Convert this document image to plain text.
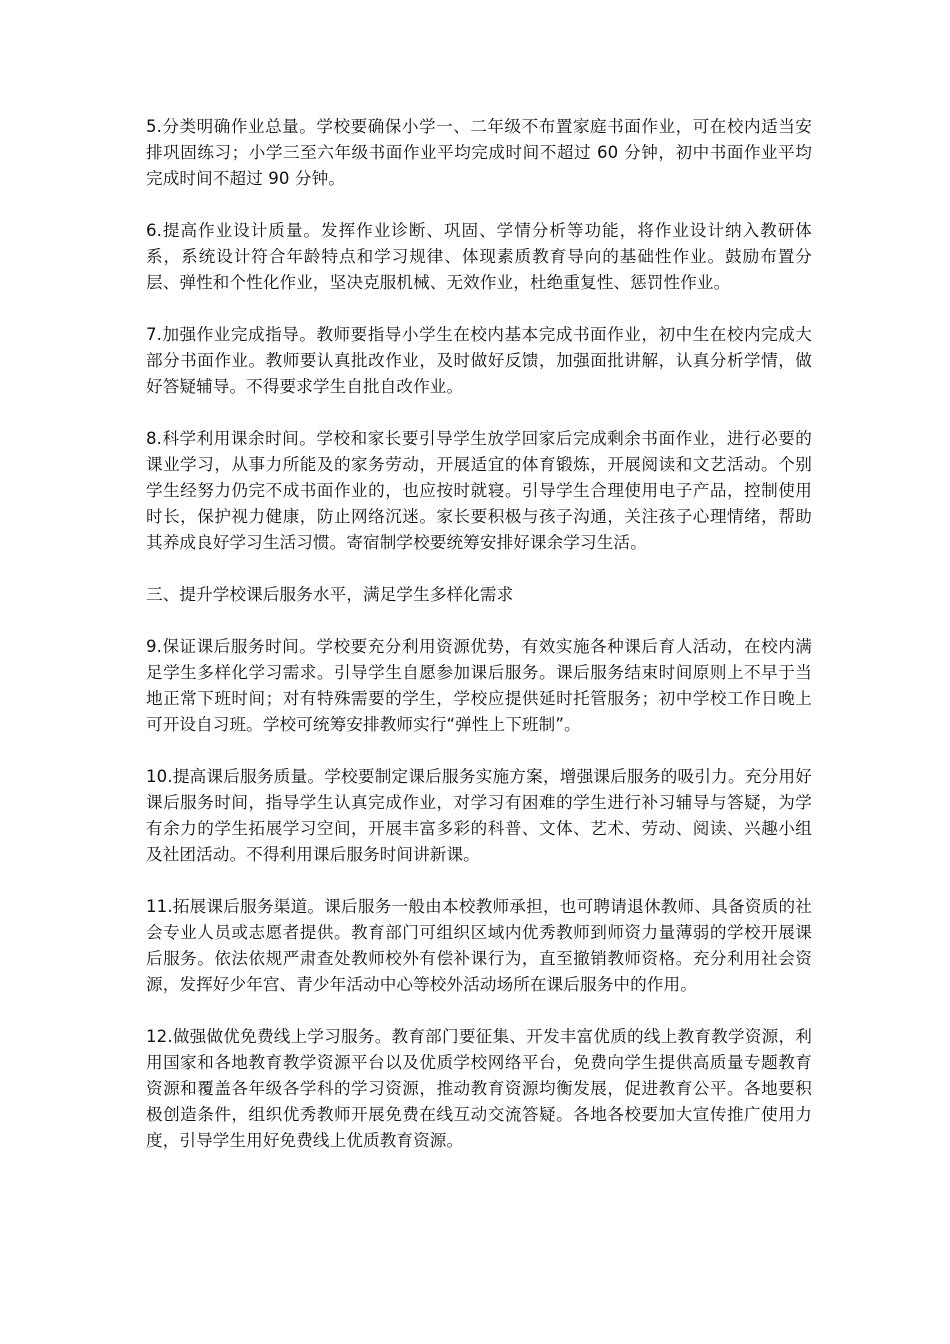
5.分类明确作业总量。学校要确保小学一、二年级不布置家庭书面作业，可在校内适当安排巩固练习；小学三至六年级书面作业平均完成时间不超过 60 分钟，初中书面作业平均完成时间不超过 90 分钟。

6.提高作业设计质量。发挥作业诊断、巩固、学情分析等功能，将作业设计纳入教研体系，系统设计符合年龄特点和学习规律、体现素质教育导向的基础性作业。鼓励布置分层、弹性和个性化作业，坚决克服机械、无效作业，杜绝重复性、惩罚性作业。

7.加强作业完成指导。教师要指导小学生在校内基本完成书面作业，初中生在校内完成大部分书面作业。教师要认真批改作业，及时做好反馈，加强面批讲解，认真分析学情，做好答疑辅导。不得要求学生自批自改作业。

8.科学利用课余时间。学校和家长要引导学生放学回家后完成剩余书面作业，进行必要的课业学习，从事力所能及的家务劳动，开展适宜的体育锻炼，开展阅读和文艺活动。个别学生经努力仍完不成书面作业的，也应按时就寝。引导学生合理使用电子产品，控制使用时长，保护视力健康，防止网络沉迷。家长要积极与孩子沟通，关注孩子心理情绪，帮助其养成良好学习生活习惯。寄宿制学校要统筹安排好课余学习生活。

三、提升学校课后服务水平，满足学生多样化需求

9.保证课后服务时间。学校要充分利用资源优势，有效实施各种课后育人活动，在校内满足学生多样化学习需求。引导学生自愿参加课后服务。课后服务结束时间原则上不早于当地正常下班时间；对有特殊需要的学生，学校应提供延时托管服务；初中学校工作日晚上可开设自习班。学校可统筹安排教师实行“弹性上下班制”。

10.提高课后服务质量。学校要制定课后服务实施方案，增强课后服务的吸引力。充分用好课后服务时间，指导学生认真完成作业，对学习有困难的学生进行补习辅导与答疑，为学有余力的学生拓展学习空间，开展丰富多彩的科普、文体、艺术、劳动、阅读、兴趣小组及社团活动。不得利用课后服务时间讲新课。

11.拓展课后服务渠道。课后服务一般由本校教师承担，也可聘请退休教师、具备资质的社会专业人员或志愿者提供。教育部门可组织区域内优秀教师到师资力量薄弱的学校开展课后服务。依法依规严肃查处教师校外有偿补课行为，直至撤销教师资格。充分利用社会资源，发挥好少年宫、青少年活动中心等校外活动场所在课后服务中的作用。

12.做强做优免费线上学习服务。教育部门要征集、开发丰富优质的线上教育教学资源，利用国家和各地教育教学资源平台以及优质学校网络平台，免费向学生提供高质量专题教育资源和覆盖各年级各学科的学习资源，推动教育资源均衡发展，促进教育公平。各地要积极创造条件，组织优秀教师开展免费在线互动交流答疑。各地各校要加大宣传推广使用力度，引导学生用好免费线上优质教育资源。
